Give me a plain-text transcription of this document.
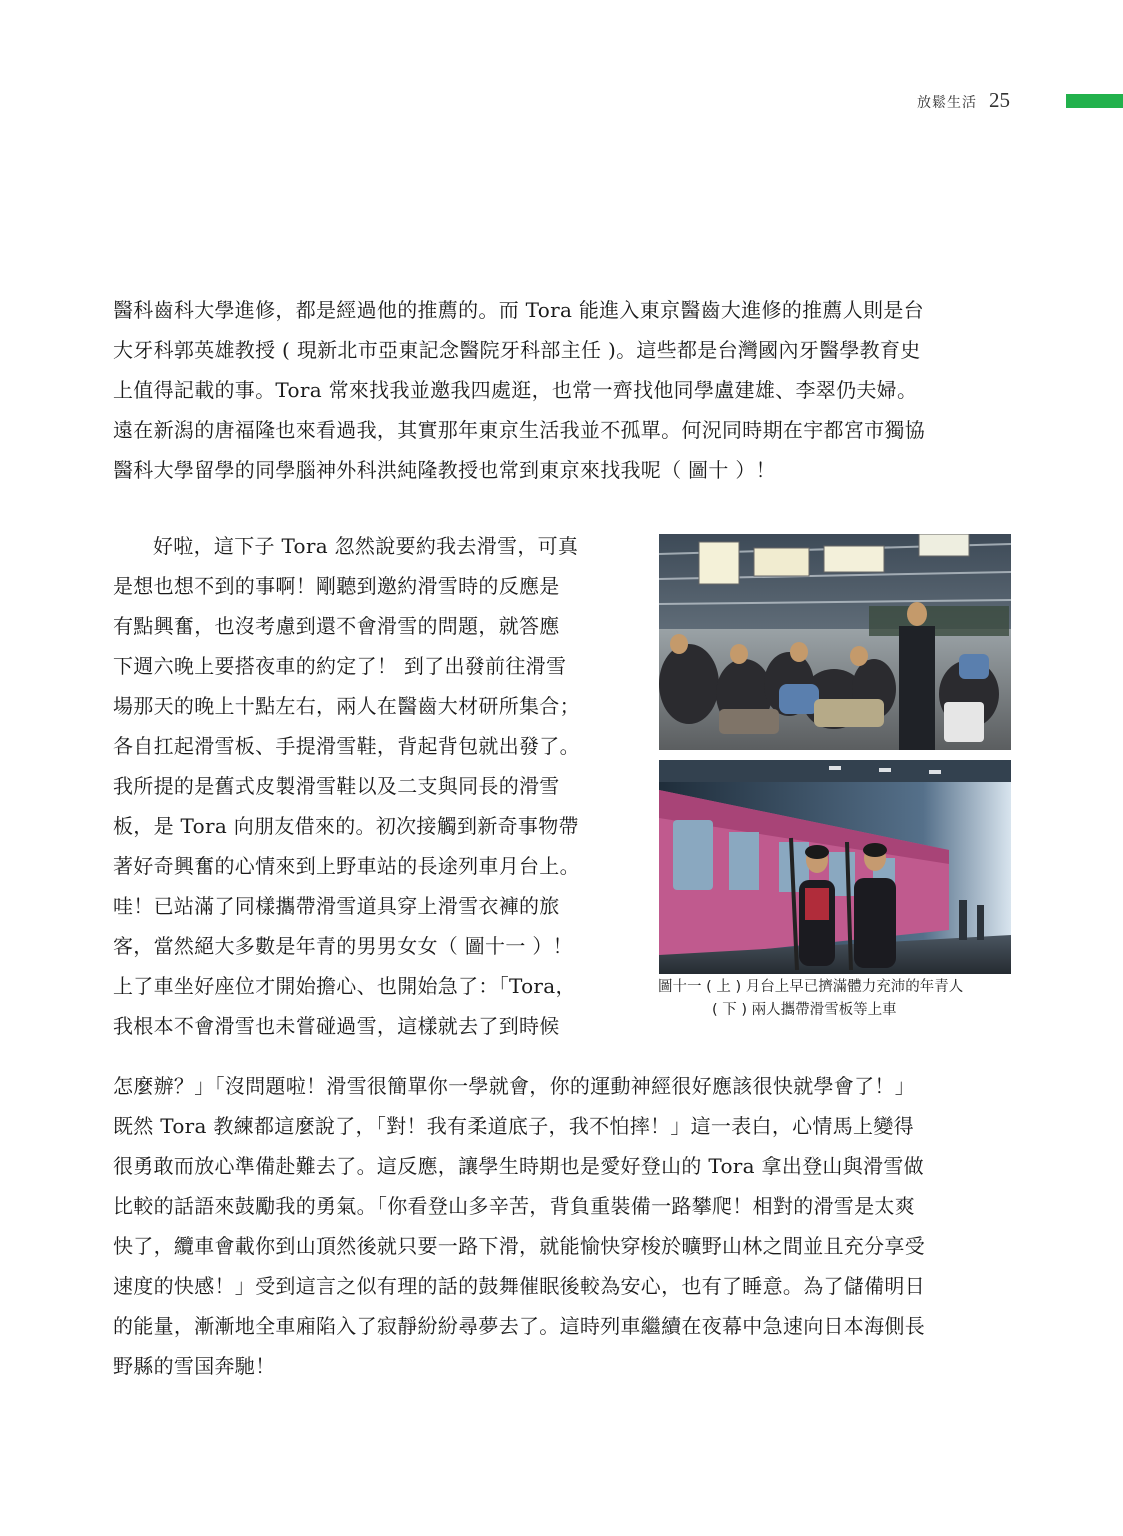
放鬆生活 25
醫科齒科大學進修，都是經過他的推薦的。而 Tora 能進入東京醫齒大進修的推薦人則是台
大牙科郭英雄教授 ( 現新北市亞東記念醫院牙科部主任 )。這些都是台灣國內牙醫學教育史
上值得記載的事。Tora 常來找我並邀我四處逛，也常一齊找他同學盧建雄、李翠仍夫婦。
遠在新潟的唐福隆也來看過我，其實那年東京生活我並不孤單。何況同時期在宇都宮市獨協
醫科大學留學的同學腦神外科洪純隆教授也常到東京來找我呢（ 圖十 ）！
好啦，這下子 Tora 忽然說要約我去滑雪，可真
是想也想不到的事啊！剛聽到邀約滑雪時的反應是
有點興奮，也沒考慮到還不會滑雪的問題，就答應
下週六晚上要搭夜車的約定了！ 到了出發前往滑雪
場那天的晚上十點左右，兩人在醫齒大材研所集合；
各自扛起滑雪板、手提滑雪鞋，背起背包就出發了。
我所提的是舊式皮製滑雪鞋以及二支與同長的滑雪
板，是 Tora 向朋友借來的。初次接觸到新奇事物帶
著好奇興奮的心情來到上野車站的長途列車月台上。
哇！已站滿了同樣攜帶滑雪道具穿上滑雪衣褲的旅
客，當然絕大多數是年青的男男女女（ 圖十一 ）！
上了車坐好座位才開始擔心、也開始急了：「Tora，
我根本不會滑雪也未嘗碰過雪，這樣就去了到時候
圖十一 ( 上 ) 月台上早已擠滿體力充沛的年青人
( 下 ) 兩人攜帶滑雪板等上車
怎麼辦？」「沒問題啦！滑雪很簡單你一學就會，你的運動神經很好應該很快就學會了！」
既然 Tora 教練都這麼說了，「對！我有柔道底子，我不怕摔！」這一表白，心情馬上變得
很勇敢而放心準備赴難去了。這反應，讓學生時期也是愛好登山的 Tora 拿出登山與滑雪做
比較的話語來鼓勵我的勇氣。「你看登山多辛苦，背負重裝備一路攀爬！相對的滑雪是太爽
快了，纜車會載你到山頂然後就只要一路下滑，就能愉快穿梭於曠野山林之間並且充分享受
速度的快感！」受到這言之似有理的話的鼓舞催眠後較為安心，也有了睡意。為了儲備明日
的能量，漸漸地全車廂陷入了寂靜紛紛尋夢去了。這時列車繼續在夜幕中急速向日本海側長
野縣的雪国奔馳！
